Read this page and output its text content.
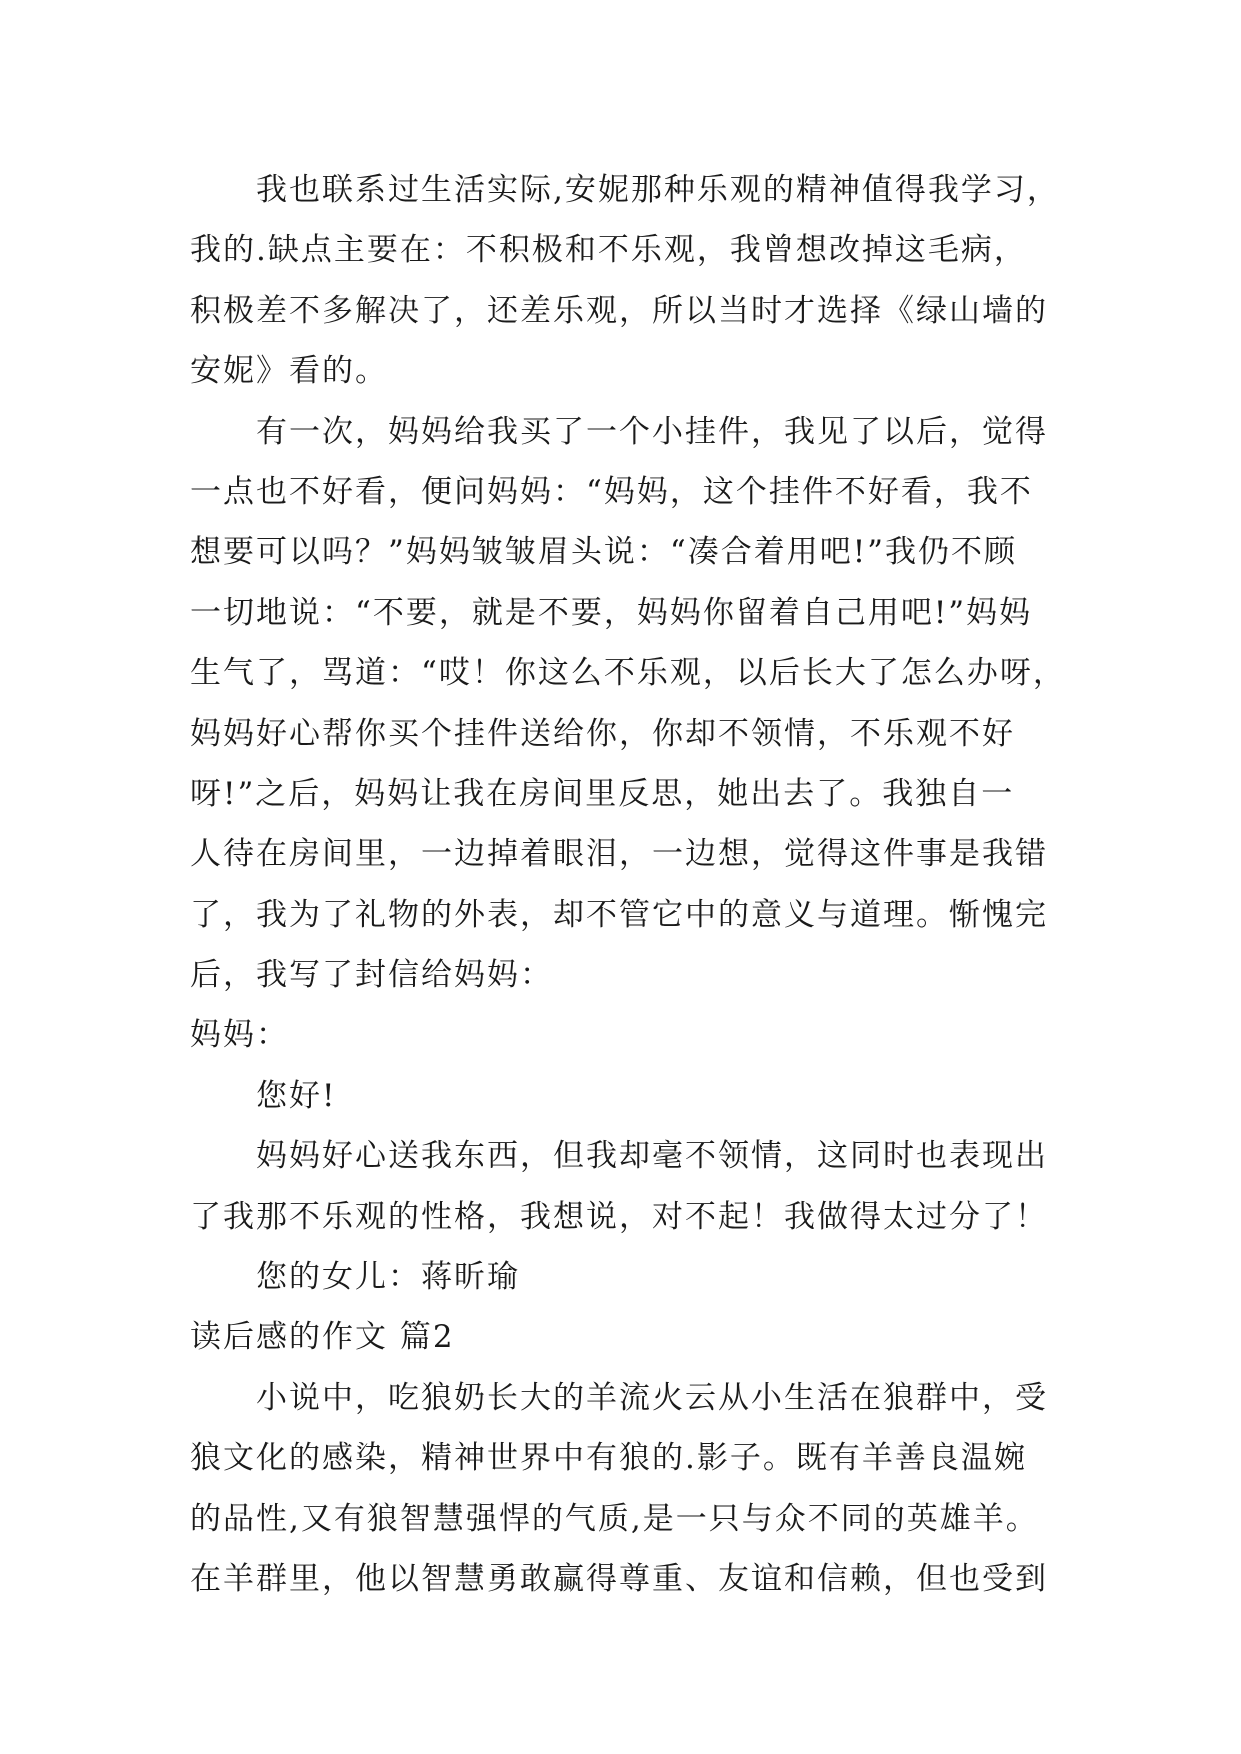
我也联系过生活实际,安妮那种乐观的精神值得我学习，
我的.缺点主要在：不积极和不乐观，我曾想改掉这毛病，
积极差不多解决了，还差乐观，所以当时才选择《绿山墙的
安妮》看的。
有一次，妈妈给我买了一个小挂件，我见了以后，觉得
一点也不好看，便问妈妈：“妈妈，这个挂件不好看，我不
想要可以吗？”妈妈皱皱眉头说：“凑合着用吧!”我仍不顾
一切地说：“不要，就是不要，妈妈你留着自己用吧!”妈妈
生气了，骂道：“哎！你这么不乐观，以后长大了怎么办呀，
妈妈好心帮你买个挂件送给你，你却不领情，不乐观不好
呀!”之后，妈妈让我在房间里反思，她出去了。我独自一
人待在房间里，一边掉着眼泪，一边想，觉得这件事是我错
了，我为了礼物的外表，却不管它中的意义与道理。惭愧完
后，我写了封信给妈妈：
妈妈：
您好!
妈妈好心送我东西，但我却毫不领情，这同时也表现出
了我那不乐观的性格，我想说，对不起！我做得太过分了！
您的女儿：蒋昕瑜
读后感的作文 篇2
小说中，吃狼奶长大的羊流火云从小生活在狼群中，受
狼文化的感染，精神世界中有狼的.影子。既有羊善良温婉
的品性,又有狼智慧强悍的气质,是一只与众不同的英雄羊。
在羊群里，他以智慧勇敢赢得尊重、友谊和信赖，但也受到
